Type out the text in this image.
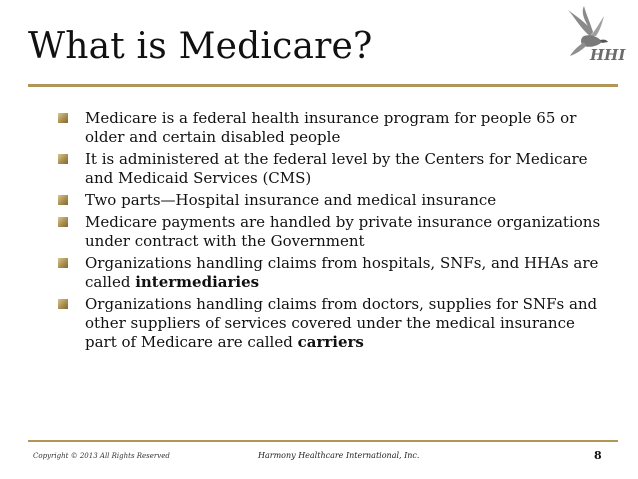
What is Medicare?	HHI
Medicare is a federal health insurance program for people 65 or older and certain disabled people
It is administered at the federal level by the Centers for Medicare and Medicaid Services (CMS)
Two parts—Hospital insurance and medical insurance
Medicare payments are handled by private insurance organizations under contract with the Government
Organizations handling claims from hospitals, SNFs, and HHAs are called intermediaries
Organizations handling claims from doctors, supplies for SNFs and other suppliers of services covered under the medical insurance part of Medicare are called carriers
Copyright © 2013 All Rights Reserved	Harmony Healthcare International, Inc.	8
